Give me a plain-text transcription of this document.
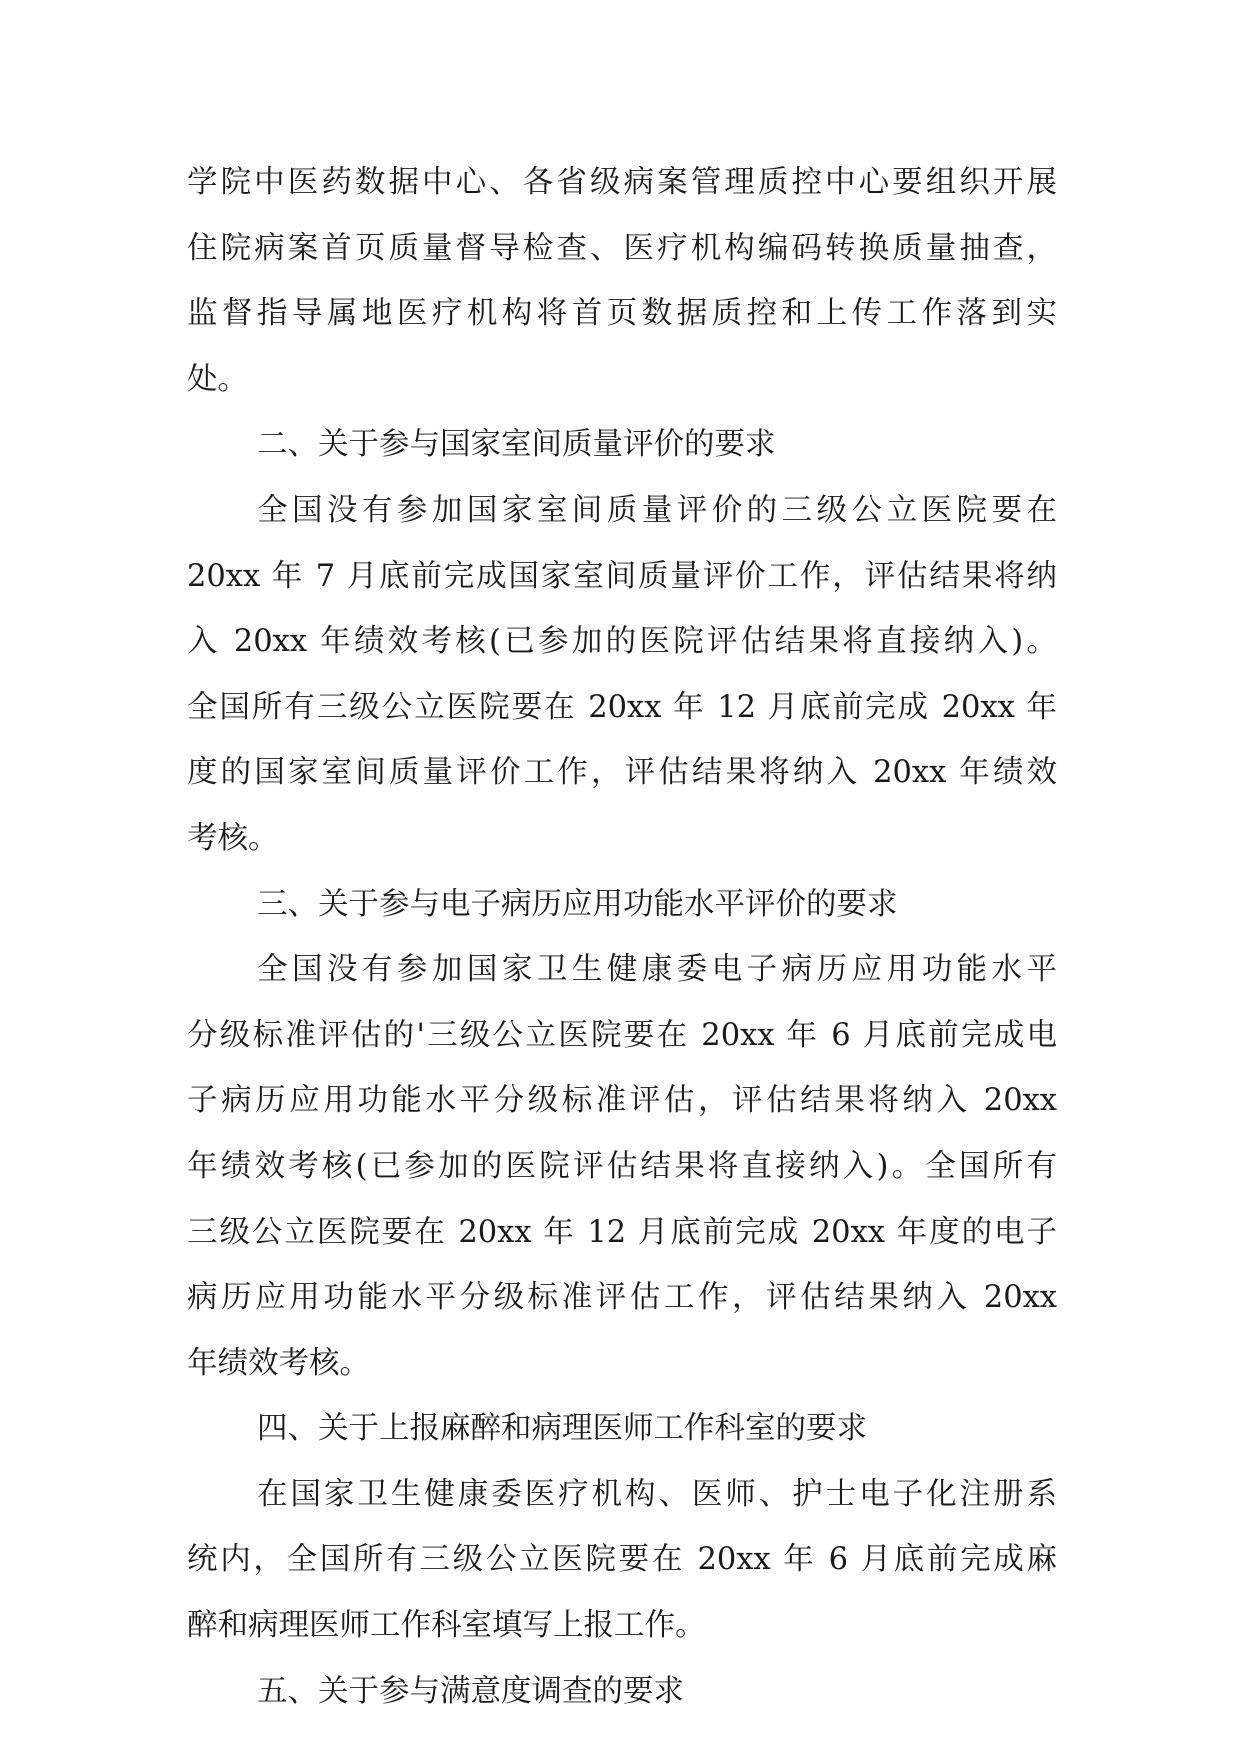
学院中医药数据中心、各省级病案管理质控中心要组织开展
住院病案首页质量督导检查、医疗机构编码转换质量抽查，
监督指导属地医疗机构将首页数据质控和上传工作落到实
处。
二、关于参与国家室间质量评价的要求
全国没有参加国家室间质量评价的三级公立医院要在
20xx 年 7 月底前完成国家室间质量评价工作，评估结果将纳
入 20xx 年绩效考核(已参加的医院评估结果将直接纳入)。
全国所有三级公立医院要在 20xx 年 12 月底前完成 20xx 年
度的国家室间质量评价工作，评估结果将纳入 20xx 年绩效
考核。
三、关于参与电子病历应用功能水平评价的要求
全国没有参加国家卫生健康委电子病历应用功能水平
分级标准评估的'三级公立医院要在 20xx 年 6 月底前完成电
子病历应用功能水平分级标准评估，评估结果将纳入 20xx
年绩效考核(已参加的医院评估结果将直接纳入)。全国所有
三级公立医院要在 20xx 年 12 月底前完成 20xx 年度的电子
病历应用功能水平分级标准评估工作，评估结果纳入 20xx
年绩效考核。
四、关于上报麻醉和病理医师工作科室的要求
在国家卫生健康委医疗机构、医师、护士电子化注册系
统内，全国所有三级公立医院要在 20xx 年 6 月底前完成麻
醉和病理医师工作科室填写上报工作。
五、关于参与满意度调查的要求
